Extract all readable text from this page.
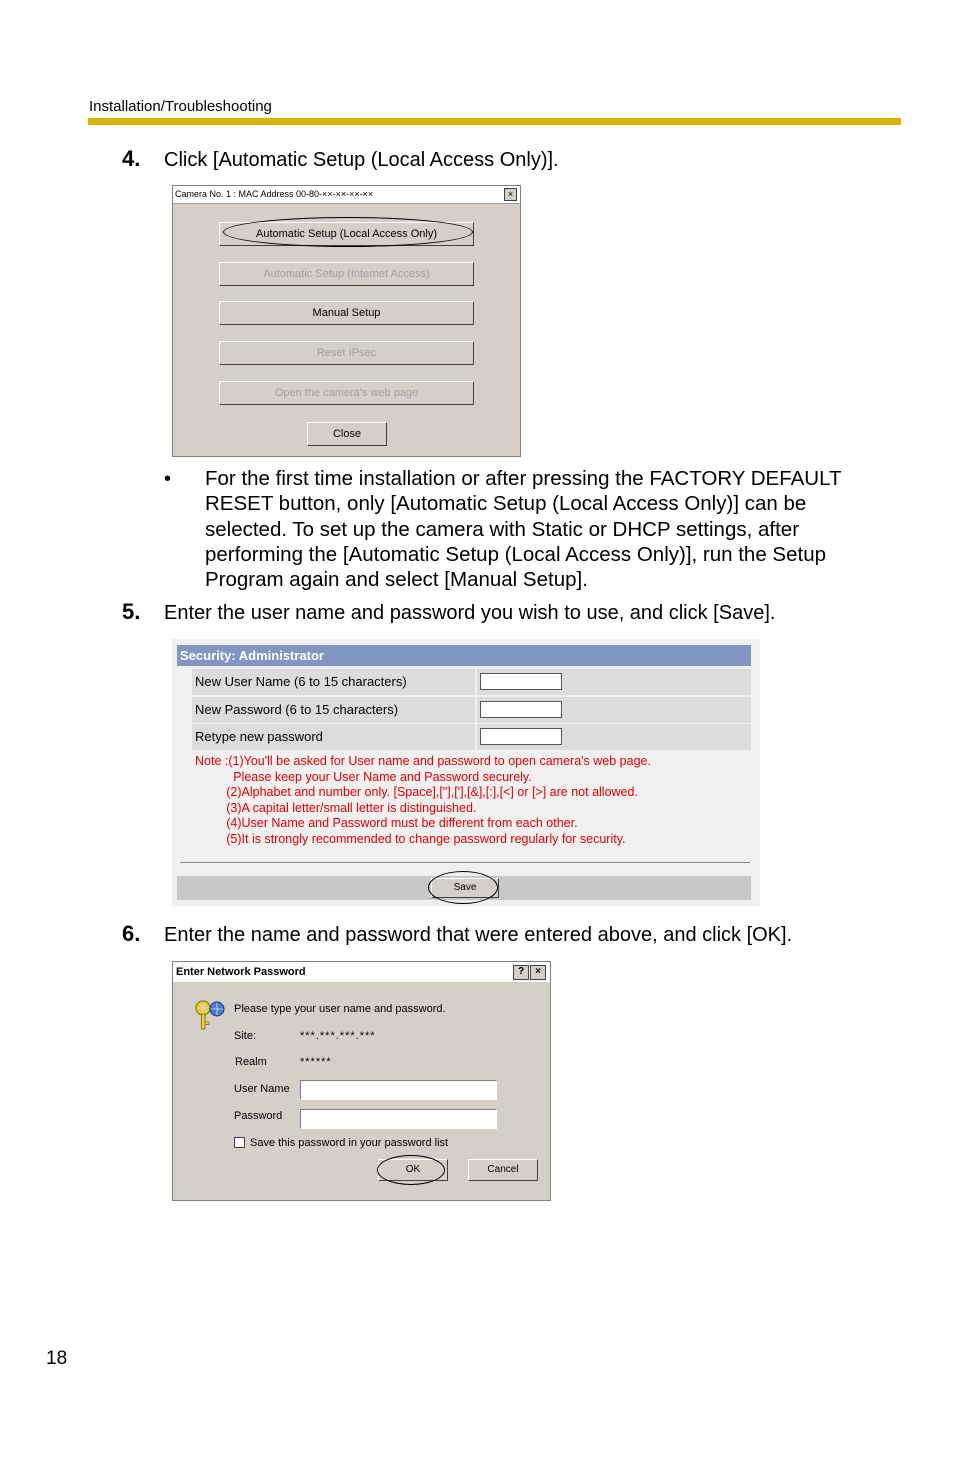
Installation/Troubleshooting
4. Click [Automatic Setup (Local Access Only)].
Camera No. 1 : MAC Address 00-80-××-××-××-××	×
Automatic Setup (Local Access Only)
Automatic Setup (Internet Access)
Manual Setup
Reset IPsec
Open the camera's web page
Close
• For the first time installation or after pressing the FACTORY DEFAULT
RESET button, only [Automatic Setup (Local Access Only)] can be
selected. To set up the camera with Static or DHCP settings, after
performing the [Automatic Setup (Local Access Only)], run the Setup
Program again and select [Manual Setup].
5. Enter the user name and password you wish to use, and click [Save].
Security: Administrator
New User Name (6 to 15 characters)
New Password (6 to 15 characters)
Retype new password
Note :(1)You'll be asked for User name and password to open camera's web page.
Please keep your User Name and Password securely.
(2)Alphabet and number only. [Space],["],['],[&],[:],[<] or [>] are not allowed.
(3)A capital letter/small letter is distinguished.
(4)User Name and Password must be different from each other.
(5)It is strongly recommended to change password regularly for security.
Save
6. Enter the name and password that were entered above, and click [OK].
Enter Network Password	?	×
Please type your user name and password.
Site:	***.***.***.***
Realm	******
User Name
Password
Save this password in your password list
OK	Cancel
18
